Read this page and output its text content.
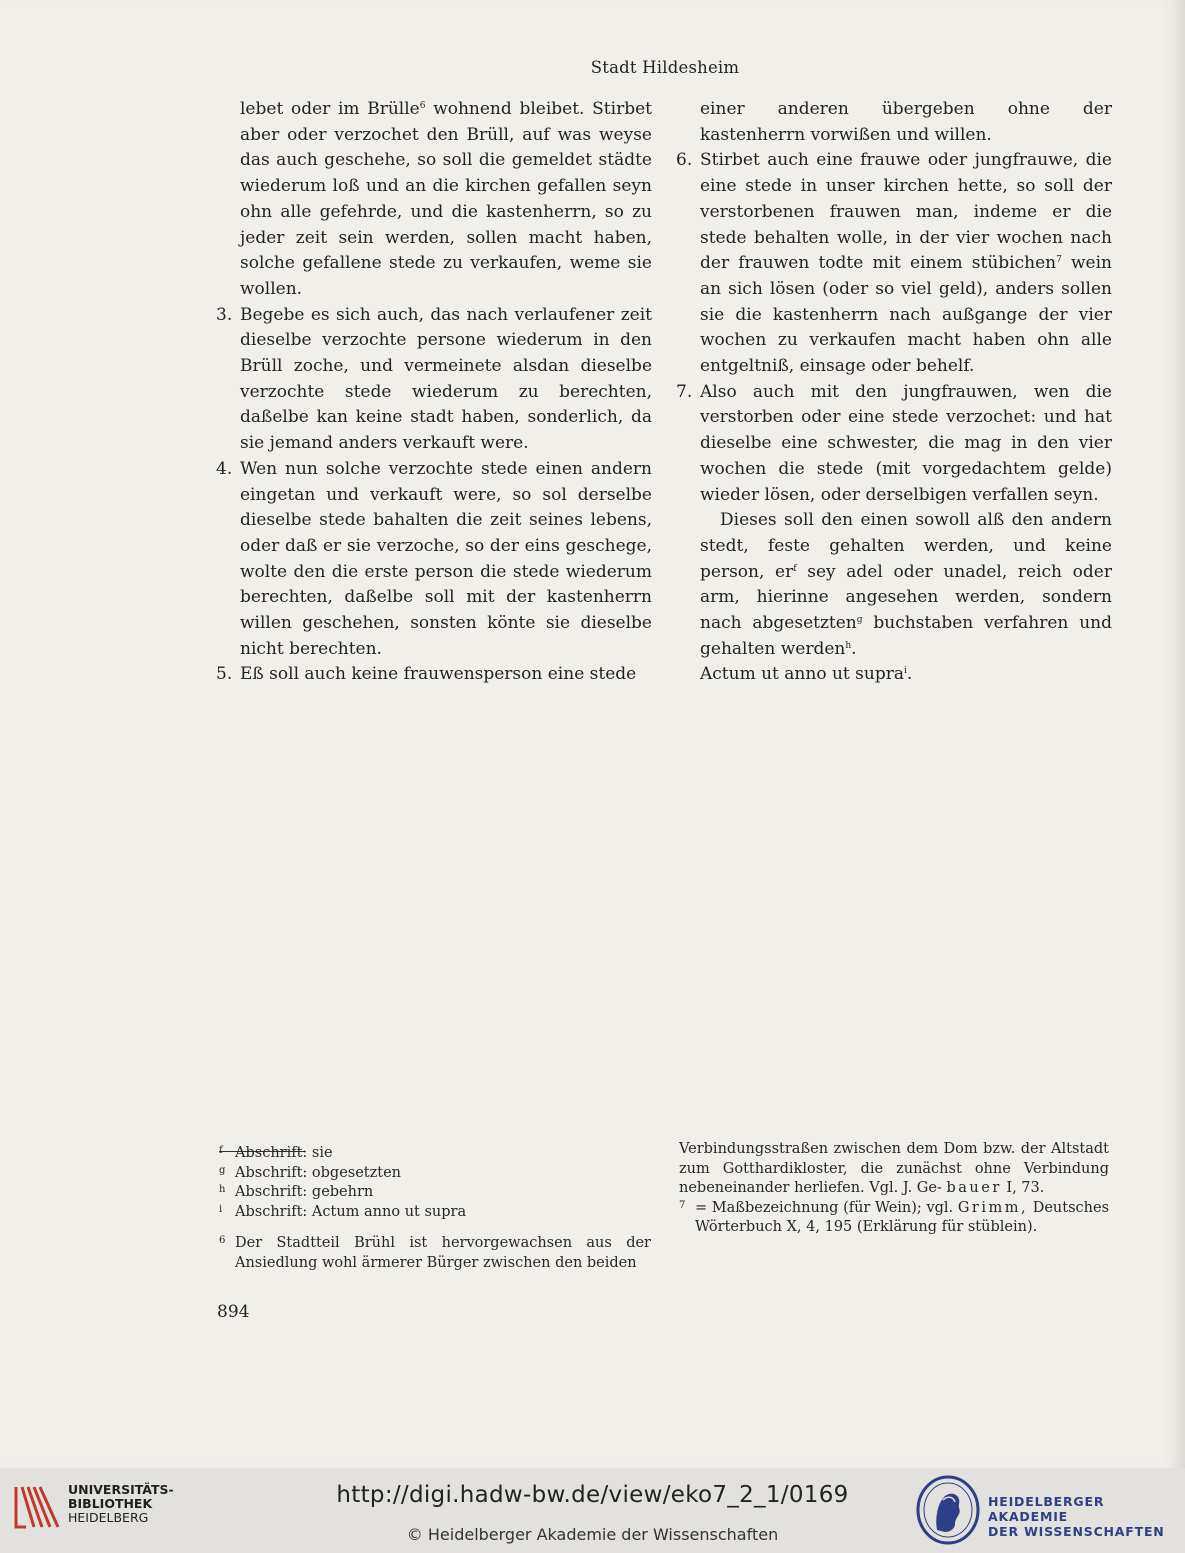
Stadt Hildesheim

lebet oder im Brülle$^6$ wohnend bleibet. Stirbet aber oder verzochet den Brüll, auf was weyse das auch geschehe, so soll die gemeldet städte wiederum loß und an die kirchen gefallen seyn ohn alle gefehrde, und die kastenherrn, so zu jeder zeit sein werden, sollen macht haben, solche gefallene stede zu verkaufen, weme sie wollen.

3. Begebe es sich auch, das nach verlaufener zeit dieselbe verzochte persone wiederum in den Brüll zoche, und vermeinete alsdan dieselbe verzochte stede wiederum zu berechten, daßelbe kan keine stadt haben, sonderlich, da sie jemand anders verkauft were.

4. Wen nun solche verzochte stede einen andern eingetan und verkauft were, so sol derselbe dieselbe stede bahalten die zeit seines lebens, oder daß er sie verzoche, so der eins geschege, wolte den die erste person die stede wiederum berechten, daßelbe soll mit der kastenherrn willen geschehen, sonsten könte sie dieselbe nicht berechten.

5. Eß soll auch keine frauwensperson eine stede

einer anderen übergeben ohne der kastenherrn vorwißen und willen.

6. Stirbet auch eine frauwe oder jungfrauwe, die eine stede in unser kirchen hette, so soll der verstorbenen frauwen man, indeme er die stede behalten wolle, in der vier wochen nach der frauwen todte mit einem stübichen$^7$ wein an sich lösen (oder so viel geld), anders sollen sie die kastenherrn nach außgange der vier wochen zu verkaufen macht haben ohn alle entgeltniß, einsage oder behelf.

7. Also auch mit den jungfrauwen, wen die verstorben oder eine stede verzochet: und hat dieselbe eine schwester, die mag in den vier wochen die stede (mit vorgedachtem gelde) wieder lösen, oder derselbigen verfallen seyn.

Dieses soll den einen sowoll alß den andern stedt, feste gehalten werden, und keine person, $er^f$ sey adel oder unadel, reich oder arm, hierinne angesehen werden, sondern nach abgesetzten$^g$ buchstaben verfahren und gehalten werden$^h$.

Actum ut anno ut supra$^i$.

f Abschrift: sie

g Abschrift: obgesetzten

h Abschrift: gebehrn

i Abschrift: Actum anno ut supra

6 Der Stadtteil Brühl ist hervorgewachsen aus der Ansiedlung wohl ärmerer Bürger zwischen den beiden

Verbindungsstraßen zwischen dem Dom bzw. der Altstadt zum Gotthardikloster, die zunächst ohne Verbindung nebeneinander herliefen. Vgl. J. Ge- bauer I, 73.

7 = Maßbezeichnung (für Wein); vgl. Grimm, Deutsches Wörterbuch X, 4, 195 (Erklärung für stüblein).

894
UNIVERSITÄTS-
BIBLIOTHEK
HEIDELBERG
http://digi.hadw-bw.de/view/eko7_2_1/0169
© Heidelberger Akademie der Wissenschaften
HEIDELBERGER AKADEMIE
DER WISSENSCHAFTEN
